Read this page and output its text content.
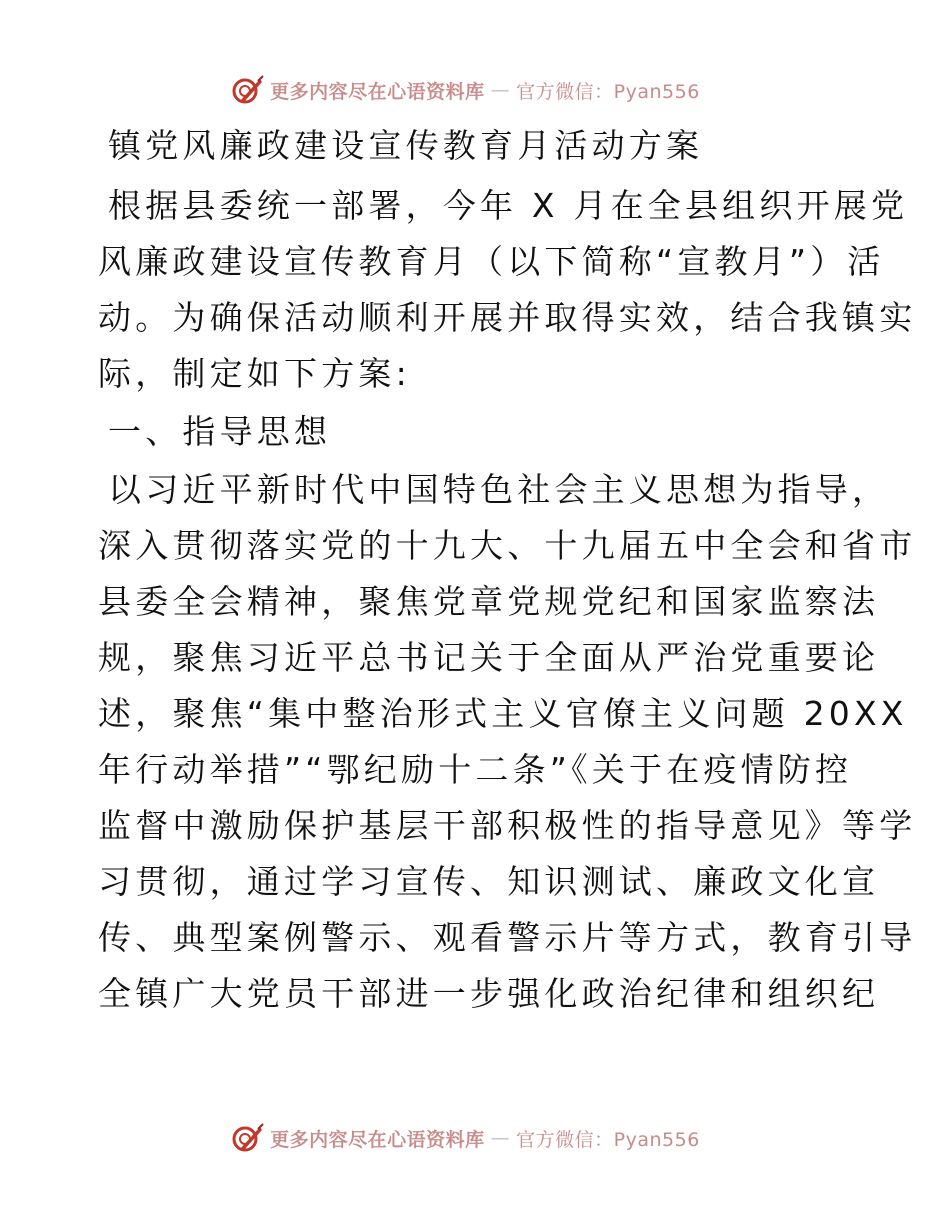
更多内容尽在心语资料库 — 官方微信：Pyan556

镇党风廉政建设宣传教育月活动方案

根据县委统一部署，今年 X 月在全县组织开展党

风廉政建设宣传教育月（以下简称“宣教月”）活

动。为确保活动顺利开展并取得实效，结合我镇实

际，制定如下方案:

一、指导思想

以习近平新时代中国特色社会主义思想为指导，

深入贯彻落实党的十九大、十九届五中全会和省市

县委全会精神，聚焦党章党规党纪和国家监察法

规，聚焦习近平总书记关于全面从严治党重要论

述，聚焦“集中整治形式主义官僚主义问题 20XX

年行动举措”“鄂纪励十二条”《关于在疫情防控

监督中激励保护基层干部积极性的指导意见》等学

习贯彻，通过学习宣传、知识测试、廉政文化宣

传、典型案例警示、观看警示片等方式，教育引导

全镇广大党员干部进一步强化政治纪律和组织纪

更多内容尽在心语资料库 — 官方微信：Pyan556
